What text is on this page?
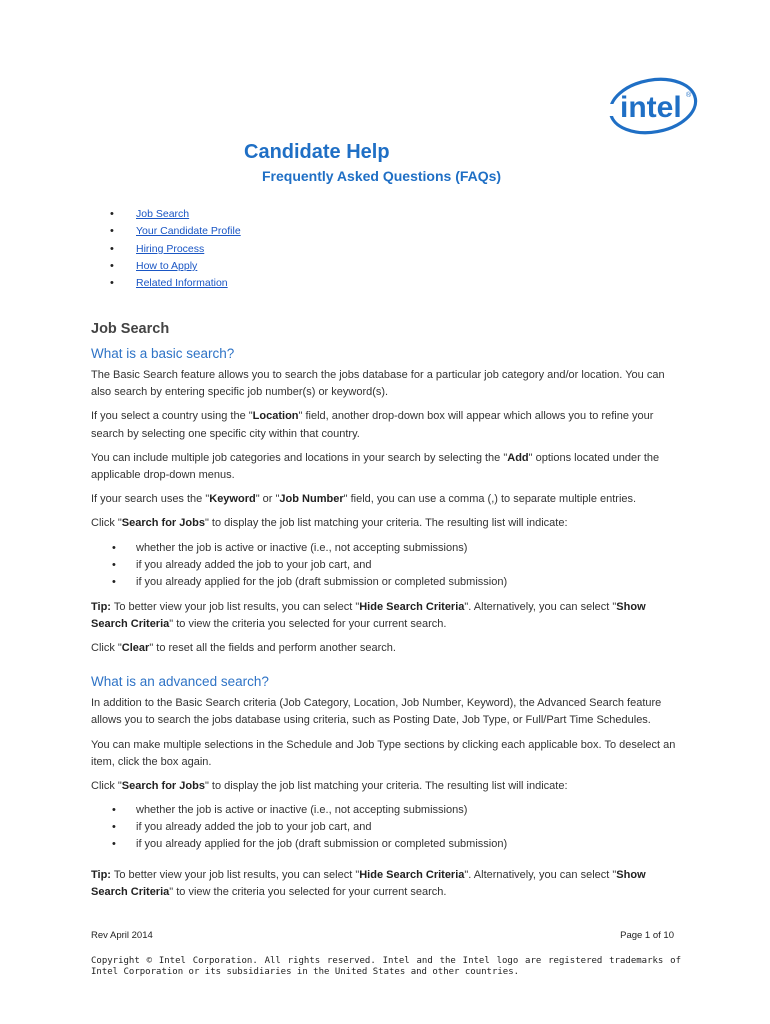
intel ®
Candidate Help
Frequently Asked Questions (FAQs)
• Job Search
• Your Candidate Profile
• Hiring Process
• How to Apply
• Related Information
Job Search
What is a basic search?

The Basic Search feature allows you to search the jobs database for a particular job category and/or location. You can also search by entering specific job number(s) or keyword(s).

If you select a country using the "Location" field, another drop-down box will appear which allows you to refine your search by selecting one specific city within that country.

You can include multiple job categories and locations in your search by selecting the "Add" options located under the applicable drop-down menus.

If your search uses the "Keyword" or "Job Number" field, you can use a comma (,) to separate multiple entries.

Click "Search for Jobs" to display the job list matching your criteria. The resulting list will indicate:

• whether the job is active or inactive (i.e., not accepting submissions)
• if you already added the job to your job cart, and
• if you already applied for the job (draft submission or completed submission)

Tip: To better view your job list results, you can select "Hide Search Criteria". Alternatively, you can select "Show Search Criteria" to view the criteria you selected for your current search.

Click "Clear" to reset all the fields and perform another search.

What is an advanced search?

In addition to the Basic Search criteria (Job Category, Location, Job Number, Keyword), the Advanced Search feature allows you to search the jobs database using criteria, such as Posting Date, Job Type, or Full/Part Time Schedules.

You can make multiple selections in the Schedule and Job Type sections by clicking each applicable box. To deselect an item, click the box again.

Click "Search for Jobs" to display the job list matching your criteria. The resulting list will indicate:

• whether the job is active or inactive (i.e., not accepting submissions)
• if you already added the job to your job cart, and
• if you already applied for the job (draft submission or completed submission)

Tip: To better view your job list results, you can select "Hide Search Criteria". Alternatively, you can select "Show Search Criteria" to view the criteria you selected for your current search.

Rev April 2014	Page 1 of 10

Copyright © Intel Corporation. All rights reserved. Intel and the Intel logo are registered trademarks of Intel Corporation or its subsidiaries in the United States and other countries.
